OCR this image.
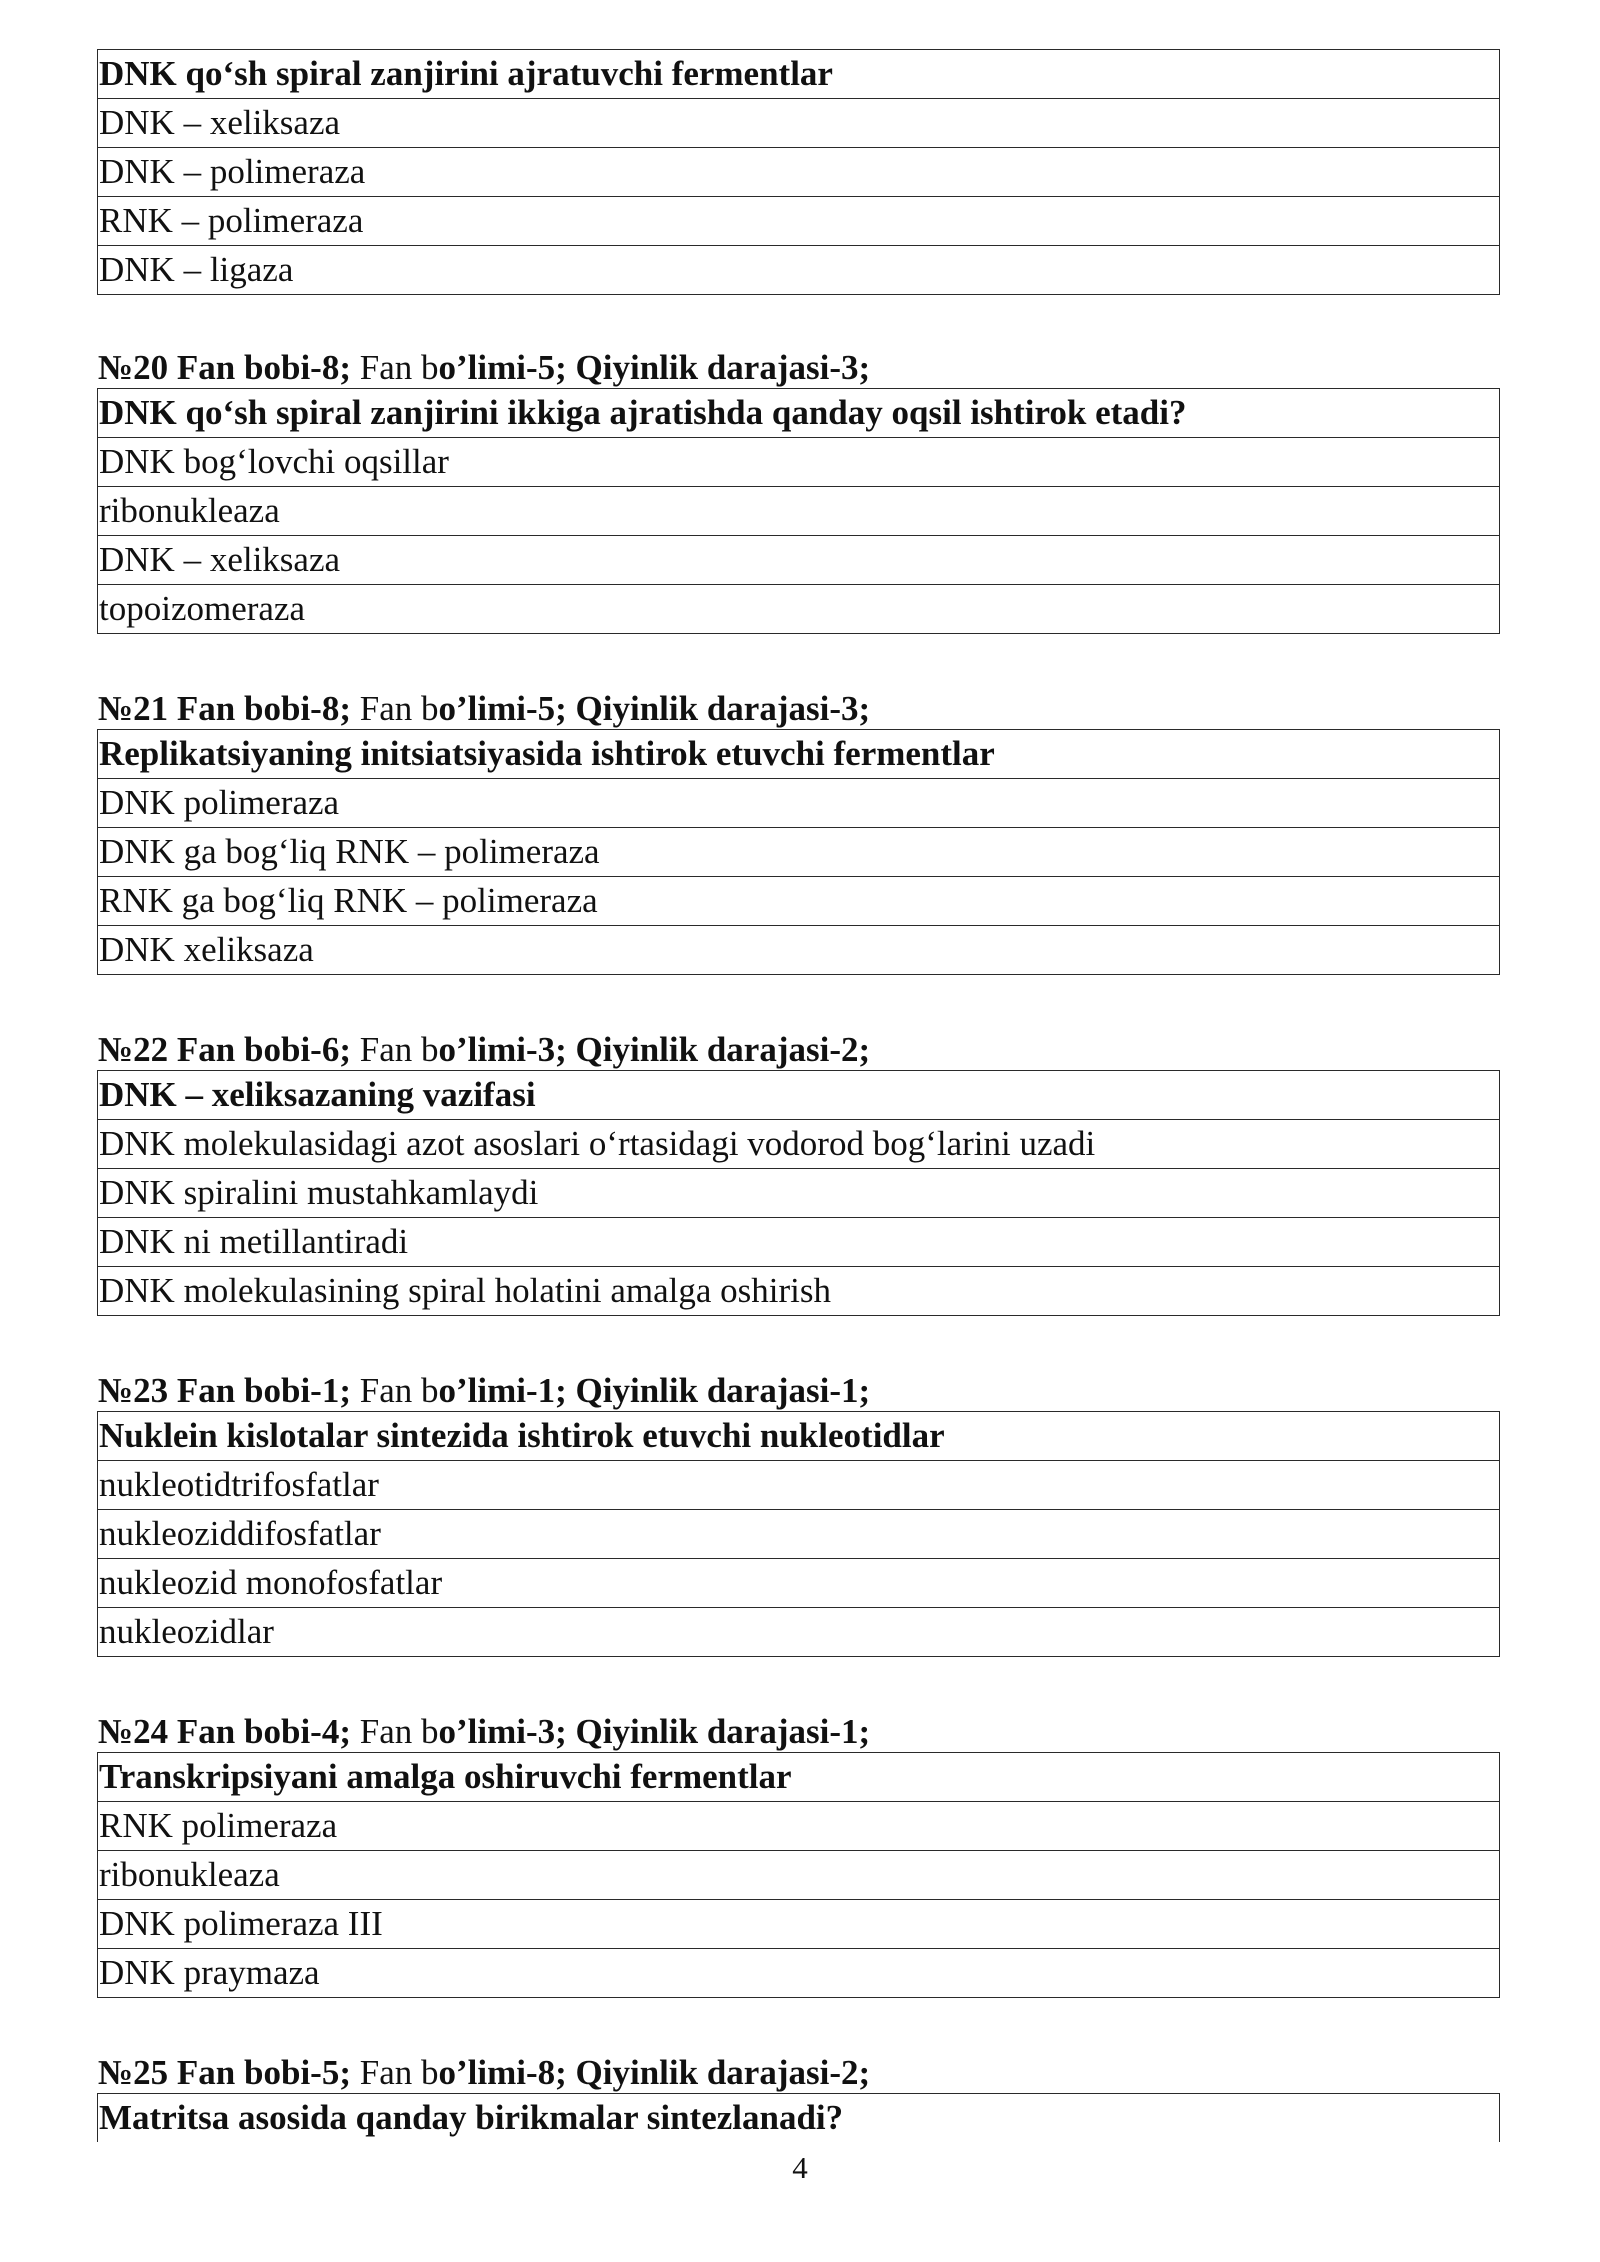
DNK qo‘sh spiral zanjirini ajratuvchi fermentlar
DNK – xeliksaza
DNK – polimeraza
RNK – polimeraza
DNK – ligaza
№20 Fan bobi-8; Fan bo’limi-5; Qiyinlik darajasi-3;
DNK qo‘sh spiral zanjirini ikkiga ajratishda qanday oqsil ishtirok etadi?
DNK bog‘lovchi oqsillar
ribonukleaza
DNK – xeliksaza
topoizomeraza
№21 Fan bobi-8; Fan bo’limi-5; Qiyinlik darajasi-3;
Replikatsiyaning initsiatsiyasida ishtirok etuvchi fermentlar
DNK polimeraza
DNK ga bog‘liq RNK – polimeraza
RNK ga bog‘liq RNK – polimeraza
DNK xeliksaza
№22 Fan bobi-6; Fan bo’limi-3; Qiyinlik darajasi-2;
DNK – xeliksazaning vazifasi
DNK molekulasidagi azot asoslari o‘rtasidagi vodorod bog‘larini uzadi
DNK spiralini mustahkamlaydi
DNK ni metillantiradi
DNK molekulasining spiral holatini amalga oshirish
№23 Fan bobi-1; Fan bo’limi-1; Qiyinlik darajasi-1;
Nuklein kislotalar sintezida ishtirok etuvchi nukleotidlar
nukleotidtrifosfatlar
nukleoziddifosfatlar
nukleozid monofosfatlar
nukleozidlar
№24 Fan bobi-4; Fan bo’limi-3; Qiyinlik darajasi-1;
Transkripsiyani amalga oshiruvchi fermentlar
RNK polimeraza
ribonukleaza
DNK polimeraza III
DNK praymaza
№25 Fan bobi-5; Fan bo’limi-8; Qiyinlik darajasi-2;
Matritsa asosida qanday birikmalar sintezlanadi?
4
